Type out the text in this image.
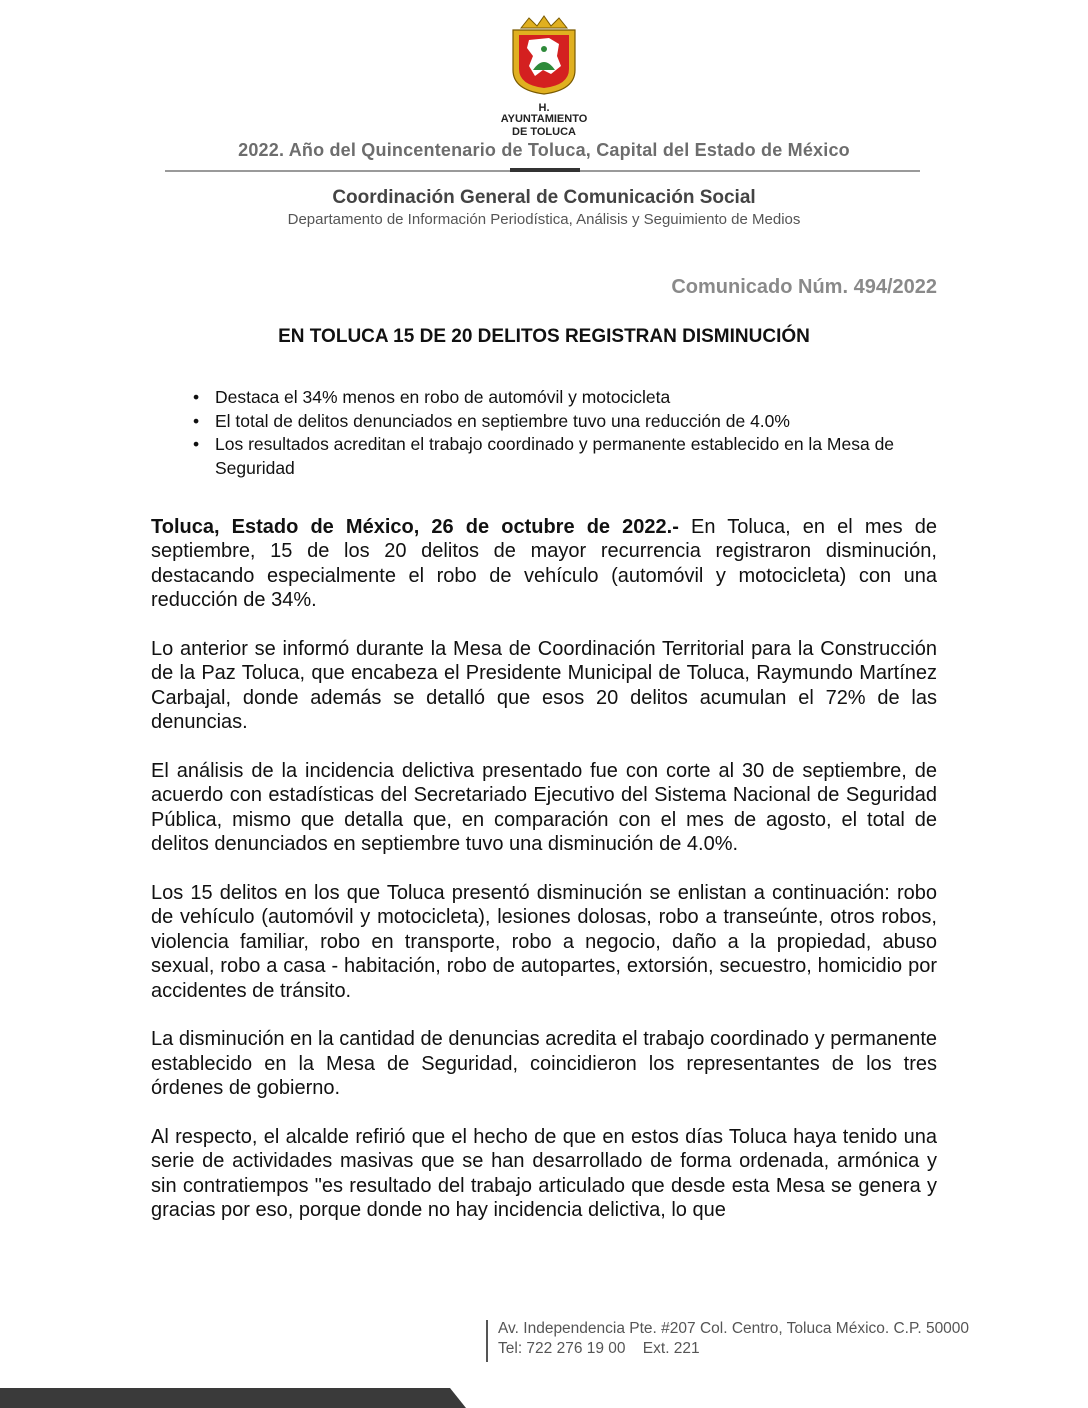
H. AYUNTAMIENTO
DE TOLUCA
2022. Año del Quincentenario de Toluca, Capital del Estado de México
Coordinación General de Comunicación Social
Departamento de Información Periodística, Análisis y Seguimiento de Medios
Comunicado Núm. 494/2022
EN TOLUCA 15 DE 20 DELITOS REGISTRAN DISMINUCIÓN
• Destaca el 34% menos en robo de automóvil y motocicleta
• El total de delitos denunciados en septiembre tuvo una reducción de 4.0%
• Los resultados acreditan el trabajo coordinado y permanente establecido en la Mesa de Seguridad

Toluca, Estado de México, 26 de octubre de 2022.- En Toluca, en el mes de septiembre, 15 de los 20 delitos de mayor recurrencia registraron disminución, destacando especialmente el robo de vehículo (automóvil y motocicleta) con una reducción de 34%.

Lo anterior se informó durante la Mesa de Coordinación Territorial para la Construcción de la Paz Toluca, que encabeza el Presidente Municipal de Toluca, Raymundo Martínez Carbajal, donde además se detalló que esos 20 delitos acumulan el 72% de las denuncias.

El análisis de la incidencia delictiva presentado fue con corte al 30 de septiembre, de acuerdo con estadísticas del Secretariado Ejecutivo del Sistema Nacional de Seguridad Pública, mismo que detalla que, en comparación con el mes de agosto, el total de delitos denunciados en septiembre tuvo una disminución de 4.0%.

Los 15 delitos en los que Toluca presentó disminución se enlistan a continuación: robo de vehículo (automóvil y motocicleta), lesiones dolosas, robo a transeúnte, otros robos, violencia familiar, robo en transporte, robo a negocio, daño a la propiedad, abuso sexual, robo a casa - habitación, robo de autopartes, extorsión, secuestro, homicidio por accidentes de tránsito.

La disminución en la cantidad de denuncias acredita el trabajo coordinado y permanente establecido en la Mesa de Seguridad, coincidieron los representantes de los tres órdenes de gobierno.

Al respecto, el alcalde refirió que el hecho de que en estos días Toluca haya tenido una serie de actividades masivas que se han desarrollado de forma ordenada, armónica y sin contratiempos "es resultado del trabajo articulado que desde esta Mesa se genera y gracias por eso, porque donde no hay incidencia delictiva, lo que

Av. Independencia Pte. #207 Col. Centro, Toluca México. C.P. 50000
Tel: 722 276 19 00 Ext. 221
